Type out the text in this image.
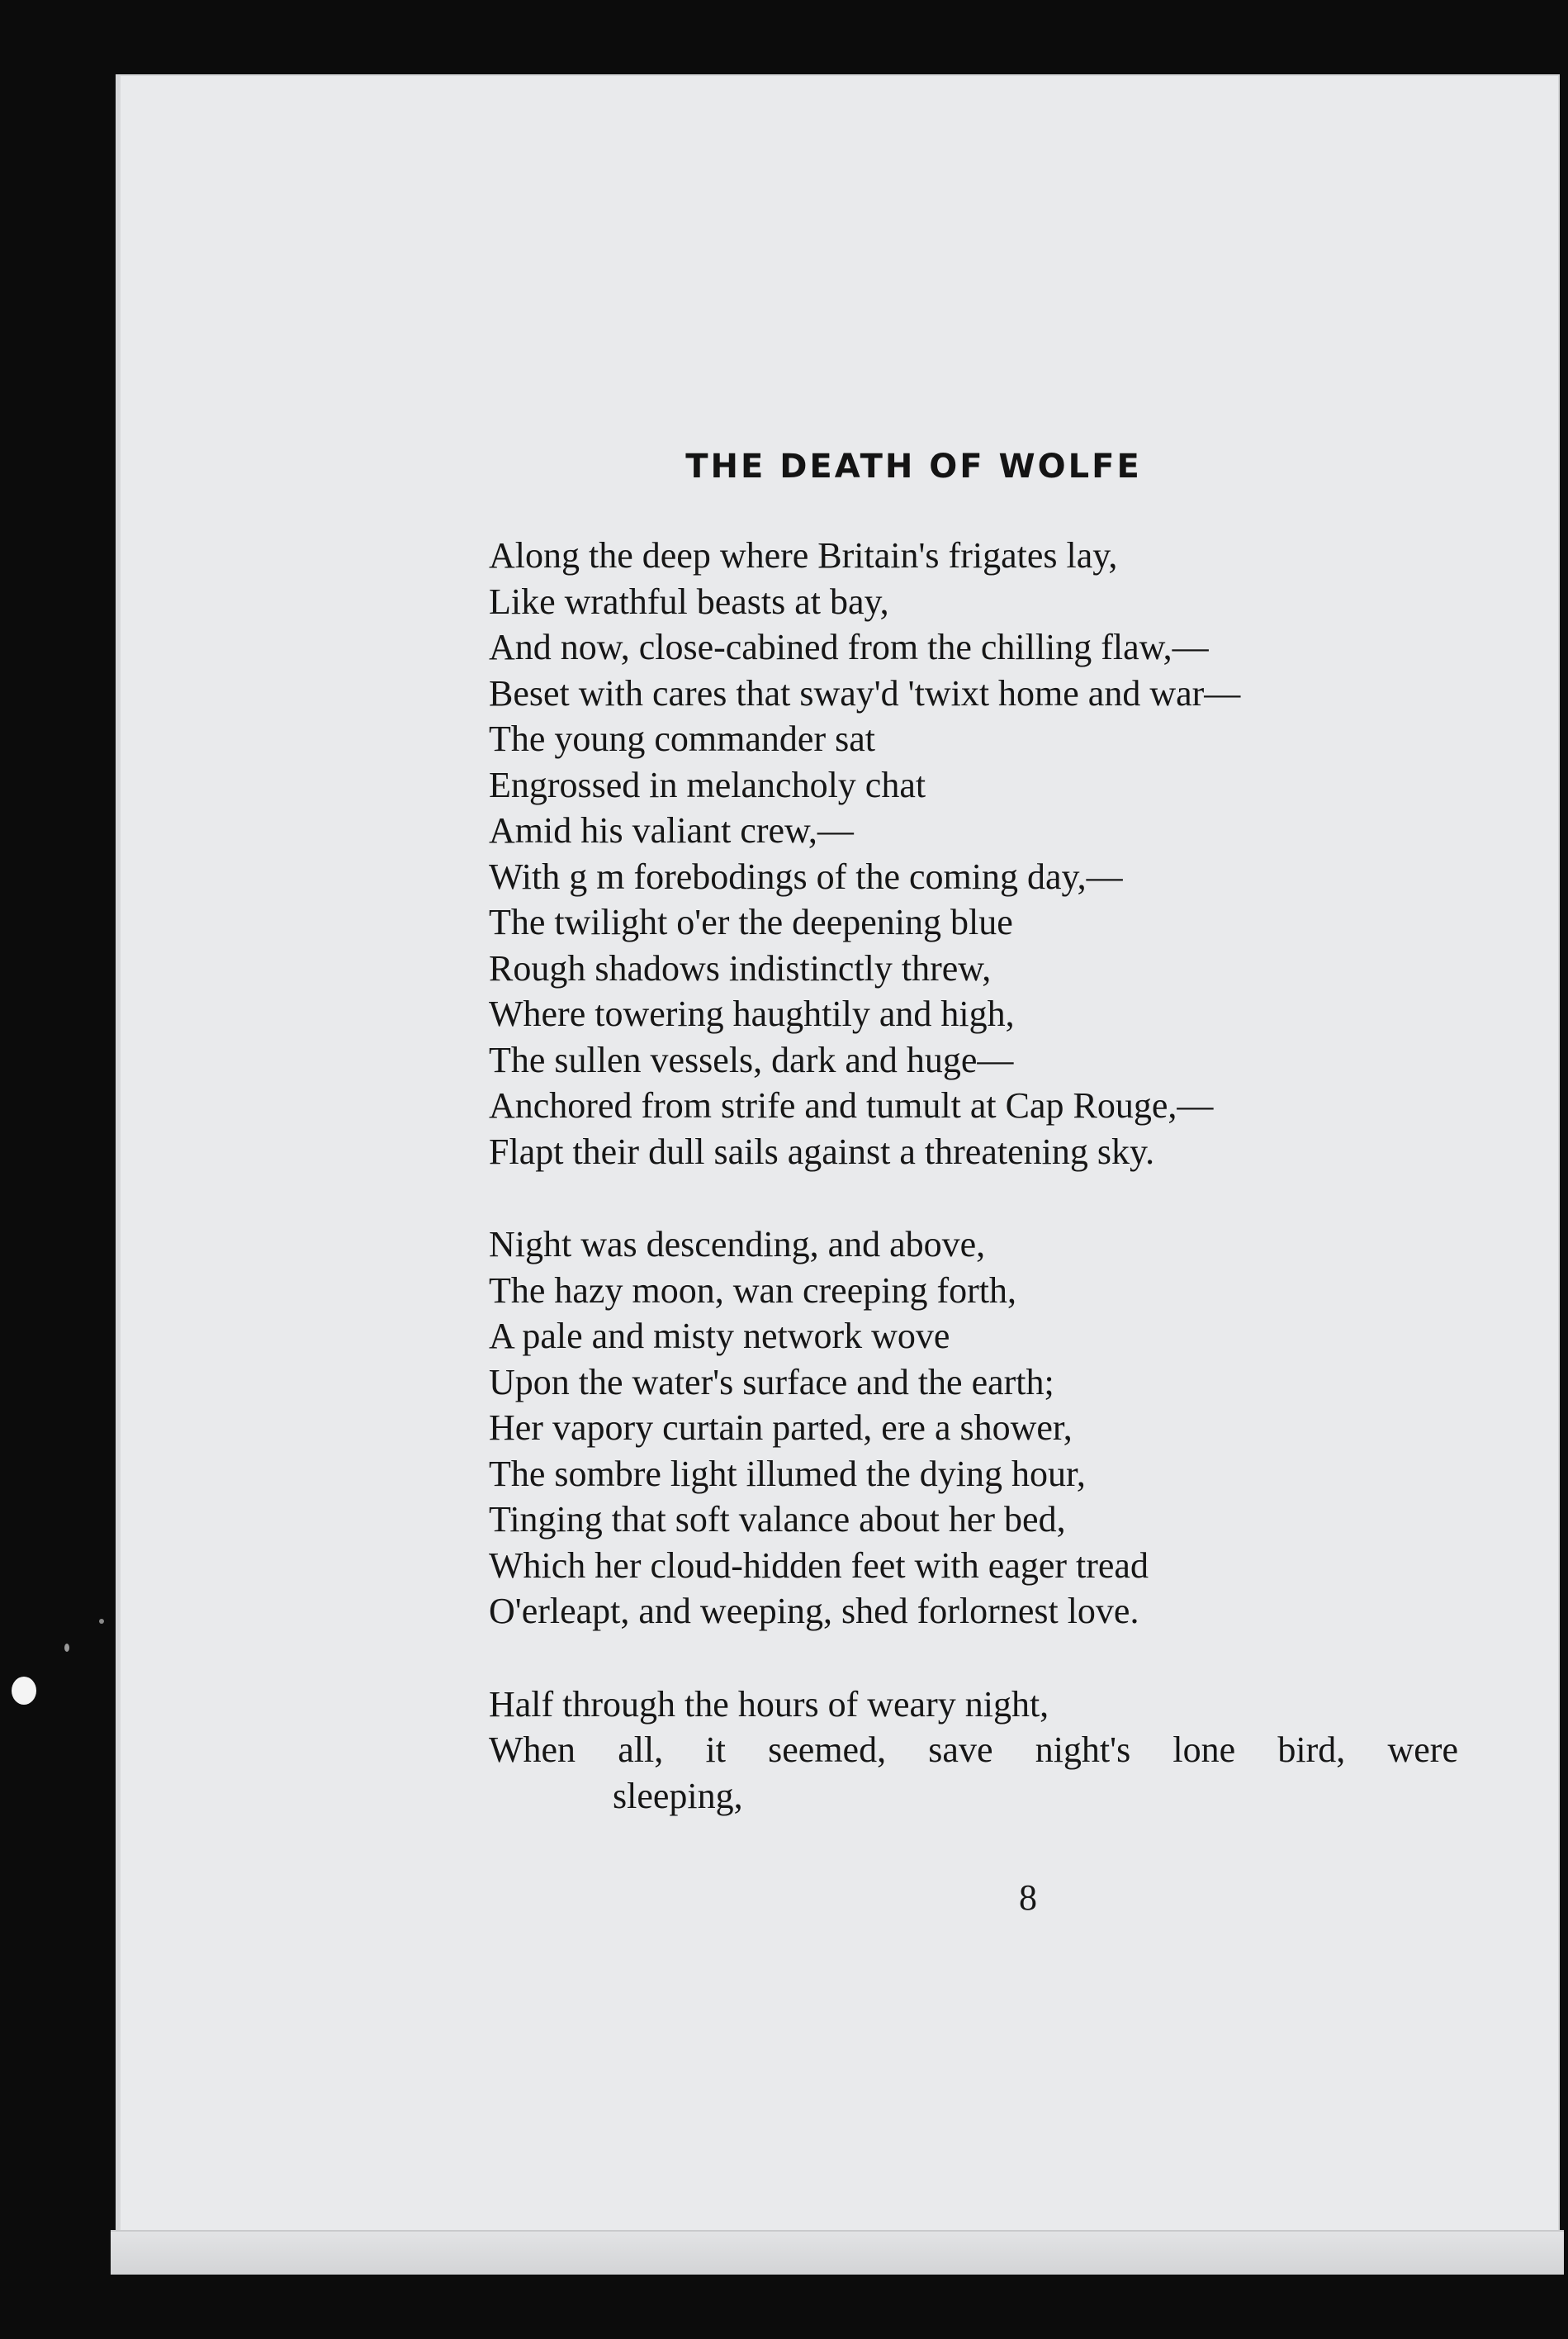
THE DEATH OF WOLFE
Along the deep where Britain's frigates lay,
Like wrathful beasts at bay,
And now, close-cabined from the chilling flaw,—
Beset with cares that sway'd 'twixt home and war—
The young commander sat
Engrossed in melancholy chat
Amid his valiant crew,—
With g m forebodings of the coming day,—
The twilight o'er the deepening blue
Rough shadows indistinctly threw,
Where towering haughtily and high,
The sullen vessels, dark and huge—
Anchored from strife and tumult at Cap Rouge,—
Flapt their dull sails against a threatening sky.
Night was descending, and above,
The hazy moon, wan creeping forth,
A pale and misty network wove
Upon the water's surface and the earth;
Her vapory curtain parted, ere a shower,
The sombre light illumed the dying hour,
Tinging that soft valance about her bed,
Which her cloud-hidden feet with eager tread
O'erleapt, and weeping, shed forlornest love.
Half through the hours of weary night,
When all, it seemed, save night's lone bird, were
sleeping,
8
